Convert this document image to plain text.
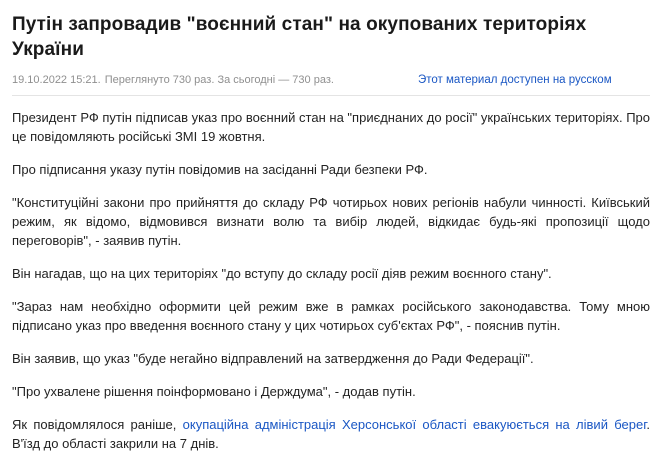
Путін запровадив "воєнний стан" на окупованих територіях України
19.10.2022 15:21. Переглянуто 730 раз. За сьогодні — 730 раз.	Этот материал доступен на русском

Президент РФ путін підписав указ про воєнний стан на "приєднаних до росії" українських територіях. Про це повідомляють російські ЗМІ 19 жовтня.

Про підписання указу путін повідомив на засіданні Ради безпеки РФ.

"Конституційні закони про прийняття до складу РФ чотирьох нових регіонів набули чинності. Київський режим, як відомо, відмовився визнати волю та вибір людей, відкидає будь-які пропозиції щодо переговорів", - заявив путін.

Він нагадав, що на цих територіях "до вступу до складу росії діяв режим воєнного стану".

"Зараз нам необхідно оформити цей режим вже в рамках російського законодавства. Тому мною підписано указ про введення воєнного стану у цих чотирьох суб'єктах РФ", - пояснив путін.

Він заявив, що указ "буде негайно відправлений на затвердження до Ради Федерації".

"Про ухвалене рішення поінформовано і Держдума", - додав путін.

Як повідомлялося раніше, окупаційна адміністрація Херсонської області евакуюється на лівий берег. В'їзд до області закрили на 7 днів.
